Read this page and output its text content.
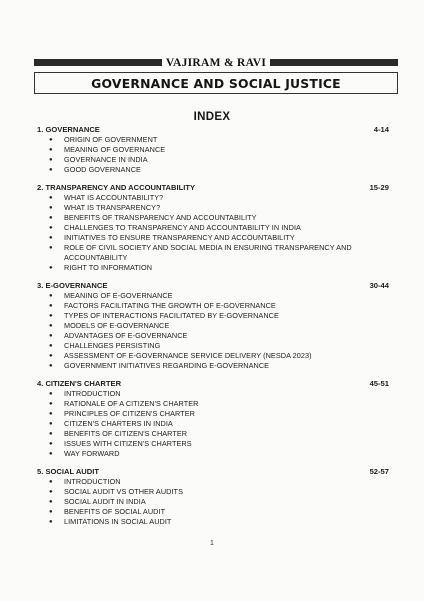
VAJIRAM & RAVI
GOVERNANCE AND SOCIAL JUSTICE
INDEX
1. GOVERNANCE	4-14
● ORIGIN OF GOVERNMENT
● MEANING OF GOVERNANCE
● GOVERNANCE IN INDIA
● GOOD GOVERNANCE
2. TRANSPARENCY AND ACCOUNTABILITY	15-29
● WHAT IS ACCOUNTABILITY?
● WHAT IS TRANSPARENCY?
● BENEFITS OF TRANSPARENCY AND ACCOUNTABILITY
● CHALLENGES TO TRANSPARENCY AND ACCOUNTABILITY IN INDIA
● INITIATIVES TO ENSURE TRANSPARENCY AND ACCOUNTABILITY
● ROLE OF CIVIL SOCIETY AND SOCIAL MEDIA IN ENSURING TRANSPARENCY AND ACCOUNTABILITY
● RIGHT TO INFORMATION
3. E-GOVERNANCE	30-44
● MEANING OF E-GOVERNANCE
● FACTORS FACILITATING THE GROWTH OF E-GOVERNANCE
● TYPES OF INTERACTIONS FACILITATED BY E-GOVERNANCE
● MODELS OF E-GOVERNANCE
● ADVANTAGES OF E-GOVERNANCE
● CHALLENGES PERSISTING
● ASSESSMENT OF E-GOVERNANCE SERVICE DELIVERY (NESDA 2023)
● GOVERNMENT INITIATIVES REGARDING E-GOVERNANCE
4. CITIZEN'S CHARTER	45-51
● INTRODUCTION
● RATIONALE OF A CITIZEN'S CHARTER
● PRINCIPLES OF CITIZEN'S CHARTER
● CITIZEN'S CHARTERS IN INDIA
● BENEFITS OF CITIZEN'S CHARTER
● ISSUES WITH CITIZEN'S CHARTERS
● WAY FORWARD
5. SOCIAL AUDIT	52-57
● INTRODUCTION
● SOCIAL AUDIT VS OTHER AUDITS
● SOCIAL AUDIT IN INDIA
● BENEFITS OF SOCIAL AUDIT
● LIMITATIONS IN SOCIAL AUDIT
1
